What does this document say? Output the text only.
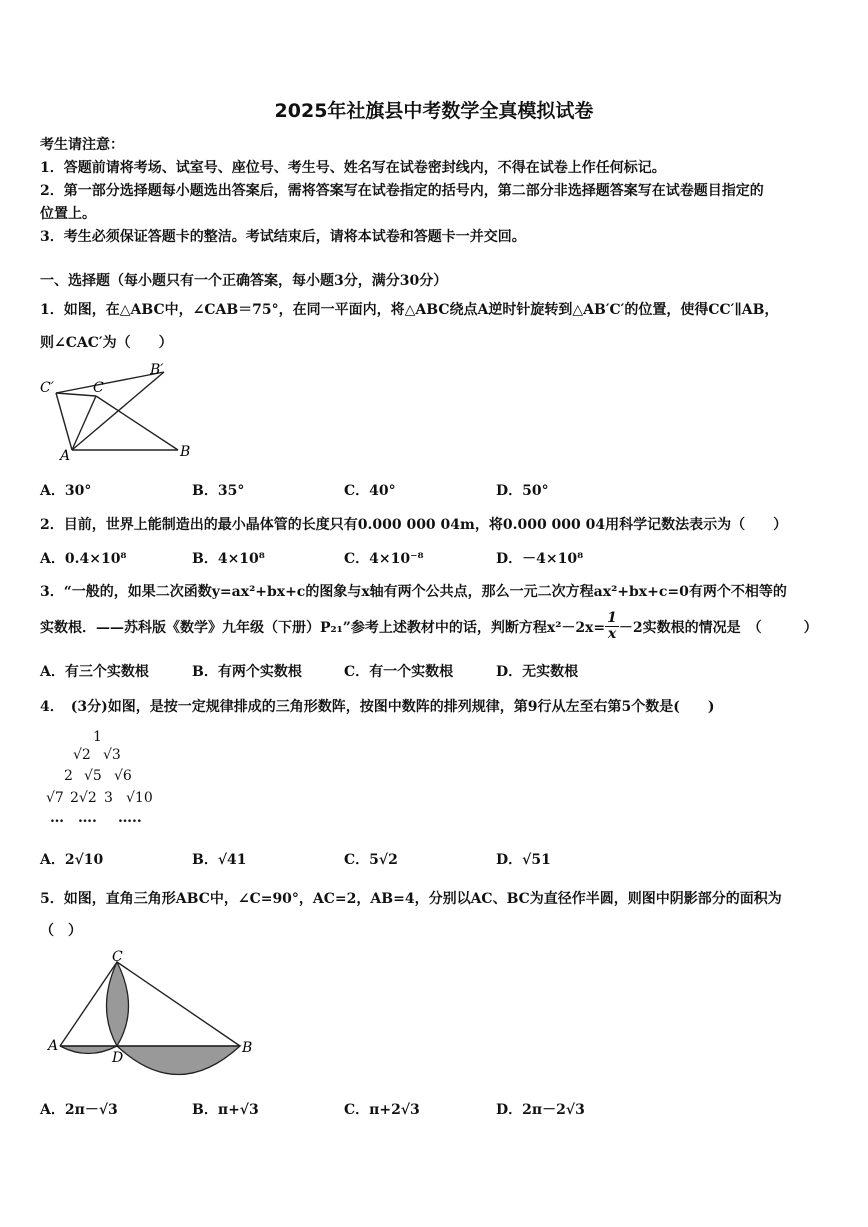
2025年社旗县中考数学全真模拟试卷
考生请注意：
1．答题前请将考场、试室号、座位号、考生号、姓名写在试卷密封线内，不得在试卷上作任何标记。
2．第一部分选择题每小题选出答案后，需将答案写在试卷指定的括号内，第二部分非选择题答案写在试卷题目指定的
位置上。
3．考生必须保证答题卡的整洁。考试结束后，请将本试卷和答题卡一并交回。
一、选择题（每小题只有一个正确答案，每小题3分，满分30分）
1．如图，在△ABC中，∠CAB＝75°，在同一平面内，将△ABC绕点A逆时针旋转到△AB′C′的位置，使得CC′∥AB，
则∠CAC′为（　　）
C′	C
B′
A	B
A．30°	B．35°	C．40°	D．50°
2．目前，世界上能制造出的最小晶体管的长度只有0.000 000 04m，将0.000 000 04用科学记数法表示为（　　）
A．0.4×10⁸	B．4×10⁸	C．4×10⁻⁸	D．－4×10⁸
3．“一般的，如果二次函数y=ax²+bx+c的图象与x轴有两个公共点，那么一元二次方程ax²+bx+c=0有两个不相等的
实数根．——苏科版《数学》九年级（下册）P₂₁”参考上述教材中的话，判断方程$x^2-2x= \frac{1}{x} -2$实数根的情况是　（　　　）
A．有三个实数根	B．有两个实数根	C．有一个实数根	D．无实数根
4．　(3分)如图，是按一定规律排成的三角形数阵，按图中数阵的排列规律，第9行从左至右第5个数是(　　)
1
√2 √3
2 √5 √6
√7 2√2 3 √10
… …. …..
A．2√10	B．√41	C．5√2	D．√51
5．如图，直角三角形ABC中，∠C=90°，AC=2，AB=4，分别以AC、BC为直径作半圆，则图中阴影部分的面积为
（　）
C
A
D
B
A．2π－√3	B．π+√3	C．π+2√3	D．2π－2√3
